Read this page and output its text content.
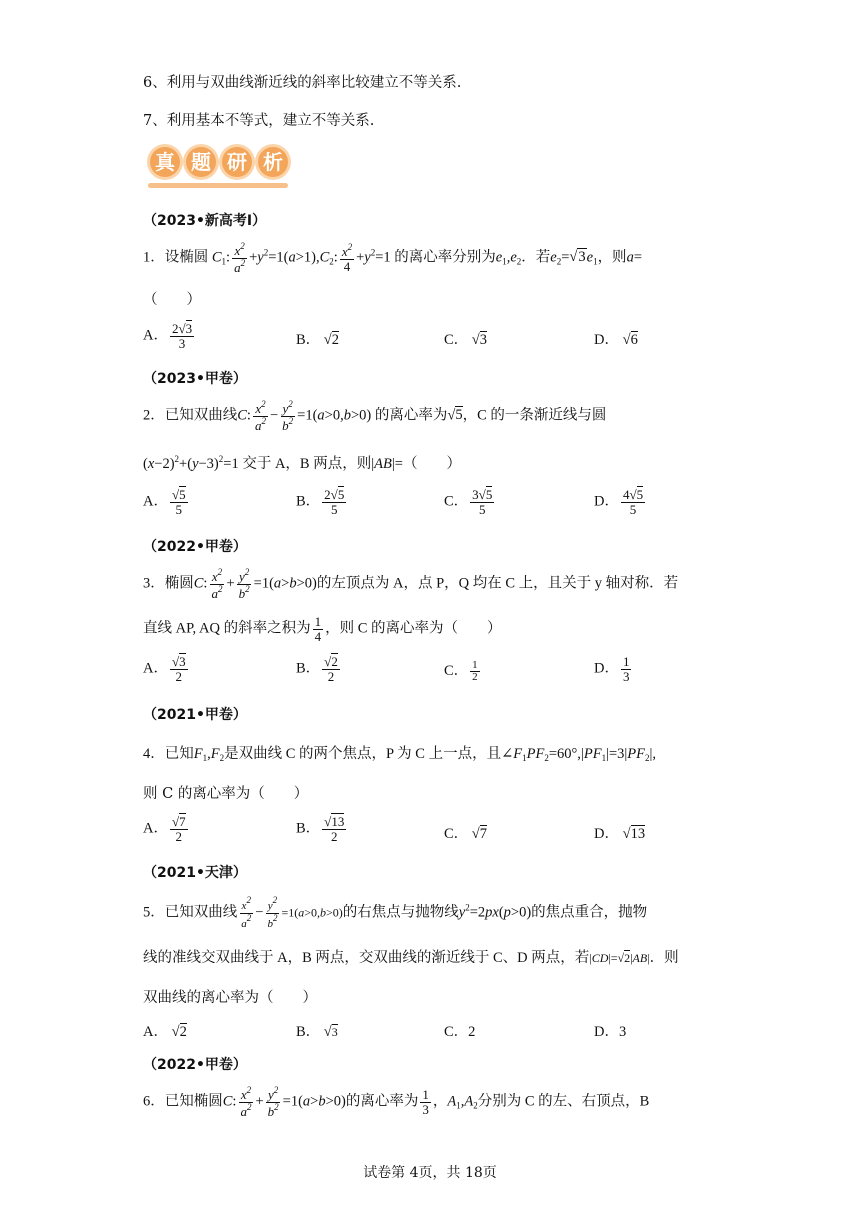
6、利用与双曲线渐近线的斜率比较建立不等关系.
7、利用基本不等式，建立不等关系.
真 题 研 析
（2023•新高考Ⅰ）
1．设椭圆 $C_1$: $\frac{x^2}{a^2} +y^2=1(a>1),C_2$: $\frac{x^2}{4} +y^2=1$ 的离心率分别为$e_1,e_2$．若$e_2=√3e_1$，则a=
（　　）
A． $\frac{2√3}{3}$	B． √2	C． √3	D． √6
（2023•甲卷）
2．已知双曲线C: $\frac{x^2}{a^2} - \frac{y^2}{b^2} =1(a>0,b>0)$ 的离心率为√5，C 的一条渐近线与圆
$(x-2)^2+(y-3)^2=1$ 交于 A，B 两点，则|AB|=（　　）
A． $\frac{√5}{5}$	B． $\frac{2√5}{5}$	C． $\frac{3√5}{5}$	D． $\frac{4√5}{5}$
（2022•甲卷）
3．椭圆C: $\frac{x^2}{a^2} + \frac{y^2}{b^2} =1(a>b>0)$的左顶点为 A，点 P，Q 均在 C 上，且关于 y 轴对称．若
直线 AP, AQ 的斜率之积为 $\frac{1}{4}$ ，则 C 的离心率为（　　）
A． $\frac{√3}{2}$	B． $\frac{√2}{2}$	C． $\frac{1}{2}$	D． $\frac{1}{3}$
（2021•甲卷）
4．已知$F_1,F_2$是双曲线 C 的两个焦点，P 为 C 上一点，且$\angle F_1PF_2=60^\circ,|PF_1|=3|PF_2|$,
则 C 的离心率为（　　）
A． $\frac{√7}{2}$	B． $\frac{√13}{2}$	C． √7	D． √13
（2021•天津）
5．已知双曲线 $\frac{x^2}{a^2} - \frac{y^2}{b^2} =1(a>0,b>0)$的右焦点与抛物线$y^2=2px(p>0)$的焦点重合，抛物
线的准线交双曲线于 A，B 两点，交双曲线的渐近线于 C、D 两点，若|CD|=√2|AB|．则
双曲线的离心率为（　　）
A． √2	B． √3	C．2	D．3
（2022•甲卷）
6．已知椭圆C: $\frac{x^2}{a^2} + \frac{y^2}{b^2} =1(a>b>0)$的离心率为 $\frac{1}{3}$ ，$A_1,A_2$分别为 C 的左、右顶点，B
试卷第 4页，共 18页
